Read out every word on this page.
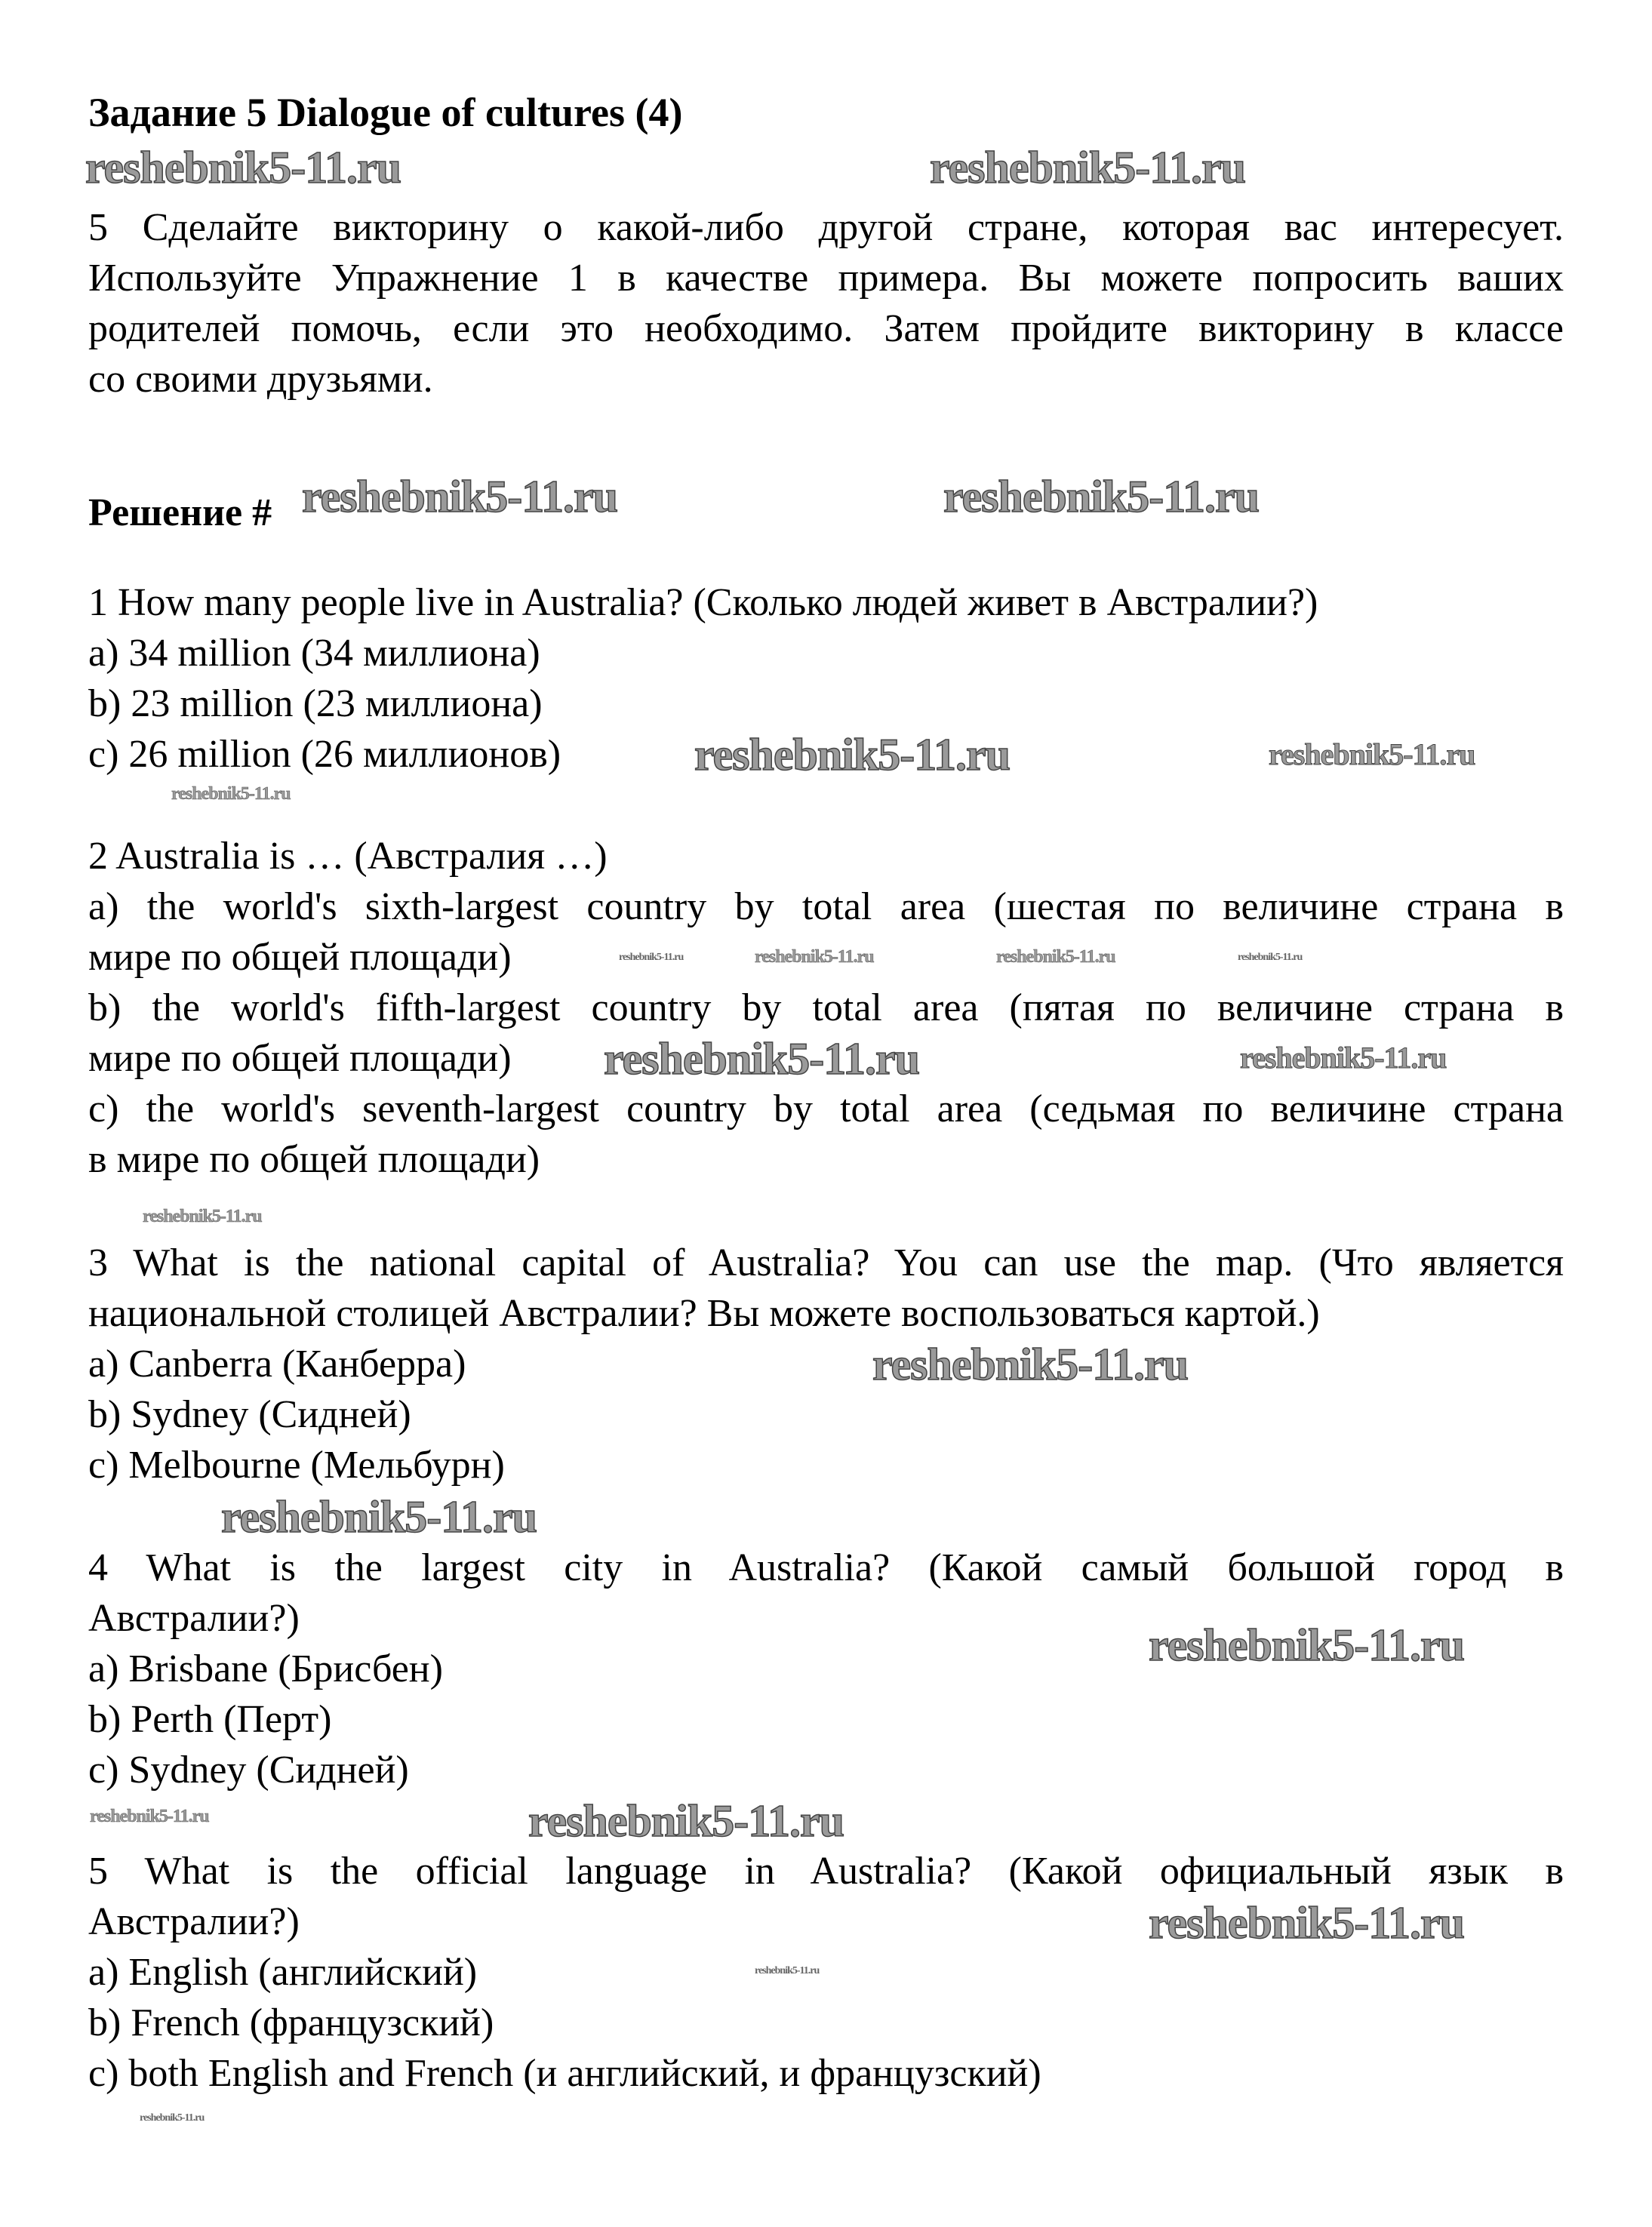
Задание 5 Dialogue of cultures (4)
5 Сделайте викторину о какой-либо другой стране, которая вас интересует.
Используйте Упражнение 1 в качестве примера. Вы можете попросить ваших
родителей помочь, если это необходимо. Затем пройдите викторину в классе
со своими друзьями.
Решение #
1 How many people live in Australia? (Сколько людей живет в Австралии?)
a) 34 million (34 миллиона)
b) 23 million (23 миллиона)
c) 26 million (26 миллионов)
2 Australia is … (Австралия …)
a) the world's sixth-largest country by total area (шестая по величине страна в
мире по общей площади)
b) the world's fifth-largest country by total area (пятая по величине страна в
мире по общей площади)
c) the world's seventh-largest country by total area (седьмая по величине страна
в мире по общей площади)
3 What is the national capital of Australia? You can use the map. (Что является
национальной столицей Австралии? Вы можете воспользоваться картой.)
a) Canberra (Канберра)
b) Sydney (Сидней)
c) Melbourne (Мельбурн)
4 What is the largest city in Australia? (Какой самый большой город в
Австралии?)
a) Brisbane (Брисбен)
b) Perth (Перт)
c) Sydney (Сидней)
5 What is the official language in Australia? (Какой официальный язык в
Австралии?)
a) English (английский)
b) French (французский)
c) both English and French (и английский, и французский)
reshebnik5-11.ru	reshebnik5-11.ru
reshebnik5-11.ru	reshebnik5-11.ru
reshebnik5-11.ru
reshebnik5-11.ru	reshebnik5-11.ru
reshebnik5-11.ru
reshebnik5-11.ru	reshebnik5-11.ru	reshebnik5-11.ru
reshebnik5-11.ru	reshebnik5-11.ru
reshebnik5-11.ru
reshebnik5-11.ru
reshebnik5-11.ru
reshebnik5-11.ru
reshebnik5-11.ru	reshebnik5-11.ru
reshebnik5-11.ru
reshebnik5-11.ru
reshebnik5-11.ru
